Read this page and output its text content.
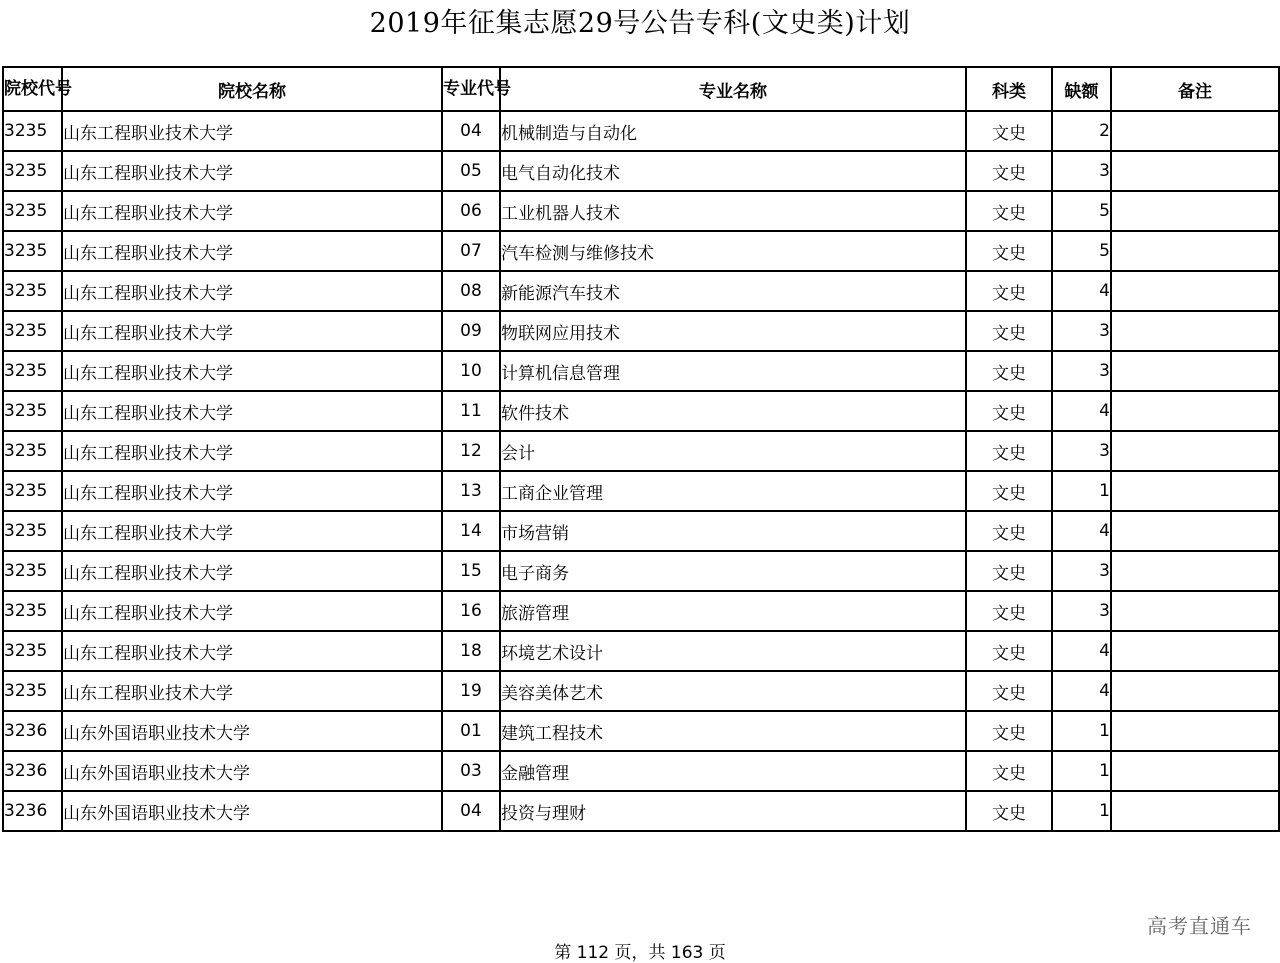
2019年征集志愿29号公告专科(文史类)计划
院校代号	院校名称	专业代号	专业名称	科类	缺额	备注
3235	山东工程职业技术大学	04	机械制造与自动化	文史	2	
3235	山东工程职业技术大学	05	电气自动化技术	文史	3	
3235	山东工程职业技术大学	06	工业机器人技术	文史	5	
3235	山东工程职业技术大学	07	汽车检测与维修技术	文史	5	
3235	山东工程职业技术大学	08	新能源汽车技术	文史	4	
3235	山东工程职业技术大学	09	物联网应用技术	文史	3	
3235	山东工程职业技术大学	10	计算机信息管理	文史	3	
3235	山东工程职业技术大学	11	软件技术	文史	4	
3235	山东工程职业技术大学	12	会计	文史	3	
3235	山东工程职业技术大学	13	工商企业管理	文史	1	
3235	山东工程职业技术大学	14	市场营销	文史	4	
3235	山东工程职业技术大学	15	电子商务	文史	3	
3235	山东工程职业技术大学	16	旅游管理	文史	3	
3235	山东工程职业技术大学	18	环境艺术设计	文史	4	
3235	山东工程职业技术大学	19	美容美体艺术	文史	4	
3236	山东外国语职业技术大学	01	建筑工程技术	文史	1	
3236	山东外国语职业技术大学	03	金融管理	文史	1	
3236	山东外国语职业技术大学	04	投资与理财	文史	1	
高考直通车
第 112 页，共 163 页
